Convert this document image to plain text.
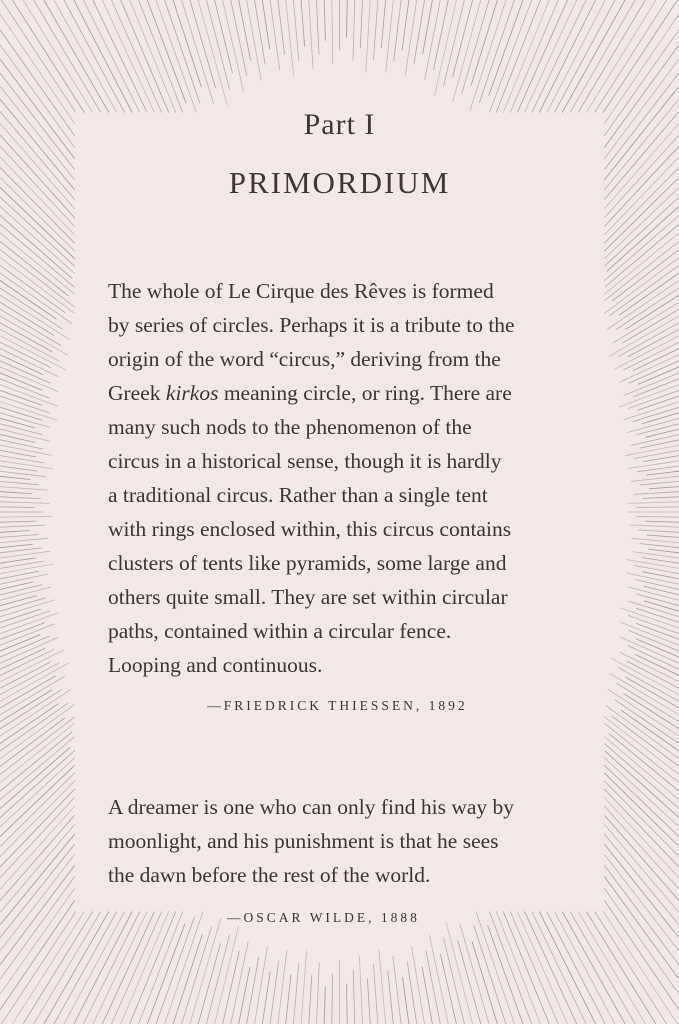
Part I
PRIMORDIUM

The whole of Le Cirque des Rêves is formed
by series of circles. Perhaps it is a tribute to the
origin of the word “circus,” deriving from the
Greek kirkos meaning circle, or ring. There are
many such nods to the phenomenon of the
circus in a historical sense, though it is hardly
a traditional circus. Rather than a single tent
with rings enclosed within, this circus contains
clusters of tents like pyramids, some large and
others quite small. They are set within circular
paths, contained within a circular fence.
Looping and continuous.

—FRIEDRICK THIESSEN, 1892

A dreamer is one who can only find his way by
moonlight, and his punishment is that he sees
the dawn before the rest of the world.

—OSCAR WILDE, 1888
